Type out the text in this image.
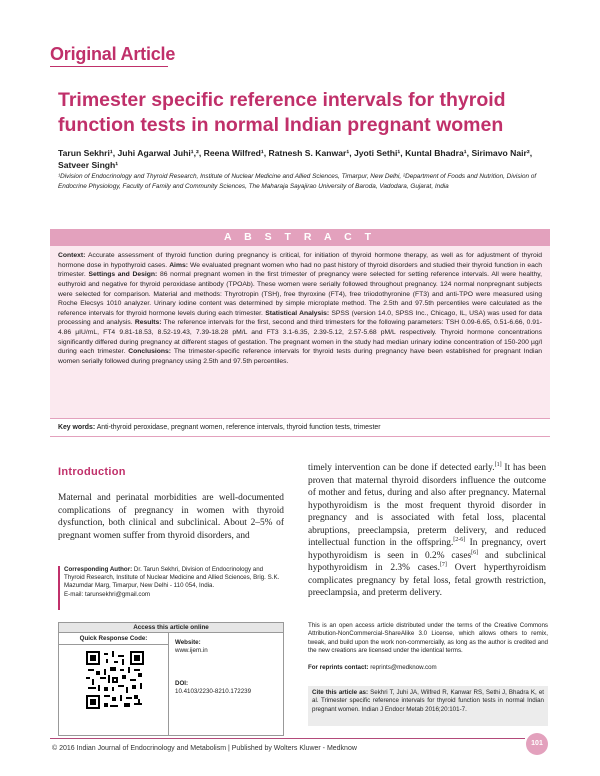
Original Article
Trimester specific reference intervals for thyroid function tests in normal Indian pregnant women
Tarun Sekhri¹, Juhi Agarwal Juhi¹,², Reena Wilfred¹, Ratnesh S. Kanwar¹, Jyoti Sethi¹, Kuntal Bhadra¹, Sirimavo Nair², Satveer Singh¹
¹Division of Endocrinology and Thyroid Research, Institute of Nuclear Medicine and Allied Sciences, Timarpur, New Delhi, ²Department of Foods and Nutrition, Division of Endocrine Physiology, Faculty of Family and Community Sciences, The Maharaja Sayajirao University of Baroda, Vadodara, Gujarat, India
A B S T R A C T
Context: Accurate assessment of thyroid function during pregnancy is critical, for initiation of thyroid hormone therapy, as well as for adjustment of thyroid hormone dose in hypothyroid cases. Aims: We evaluated pregnant women who had no past history of thyroid disorders and studied their thyroid function in each trimester. Settings and Design: 86 normal pregnant women in the first trimester of pregnancy were selected for setting reference intervals. All were healthy, euthyroid and negative for thyroid peroxidase antibody (TPOAb). These women were serially followed throughout pregnancy. 124 normal nonpregnant subjects were selected for comparison. Material and methods: Thyrotropin (TSH), free thyroxine (FT4), free triiodothyronine (FT3) and anti-TPO were measured using Roche Elecsys 1010 analyzer. Urinary iodine content was determined by simple microplate method. The 2.5th and 97.5th percentiles were calculated as the reference intervals for thyroid hormone levels during each trimester. Statistical Analysis: SPSS (version 14.0, SPSS Inc., Chicago, IL, USA) was used for data processing and analysis. Results: The reference intervals for the first, second and third trimesters for the following parameters: TSH 0.09-6.65, 0.51-6.66, 0.91-4.86 µIU/mL, FT4 9.81-18.53, 8.52-19.43, 7.39-18.28 pM/L and FT3 3.1-6.35, 2.39-5.12, 2.57-5.68 pM/L respectively. Thyroid hormone concentrations significantly differed during pregnancy at different stages of gestation. The pregnant women in the study had median urinary iodine concentration of 150-200 µg/l during each trimester. Conclusions: The trimester-specific reference intervals for thyroid tests during pregnancy have been established for pregnant Indian women serially followed during pregnancy using 2.5th and 97.5th percentiles.
Key words: Anti-thyroid peroxidase, pregnant women, reference intervals, thyroid function tests, trimester
Introduction

Maternal and perinatal morbidities are well-documented complications of pregnancy in women with thyroid dysfunction, both clinical and subclinical. About 2–5% of pregnant women suffer from thyroid disorders, and

timely intervention can be done if detected early.[1] It has been proven that maternal thyroid disorders influence the outcome of mother and fetus, during and also after pregnancy. Maternal hypothyroidism is the most frequent thyroid disorder in pregnancy and is associated with fetal loss, placental abruptions, preeclampsia, preterm delivery, and reduced intellectual function in the offspring.[2-6] In pregnancy, overt hypothyroidism is seen in 0.2% cases[6] and subclinical hypothyroidism in 2.3% cases.[7] Overt hyperthyroidism complicates pregnancy by fetal loss, fetal growth restriction, preeclampsia, and preterm delivery.

Corresponding Author: Dr. Tarun Sekhri, Division of Endocrinology and Thyroid Research, Institute of Nuclear Medicine and Allied Sciences, Brig. S.K. Mazumdar Marg, Timarpur, New Delhi - 110 054, India.
E-mail: tarunsekhri@gmail.com
Access this article online
Quick Response Code:
Website:
www.ijem.in

DOI:
10.4103/2230-8210.172239
This is an open access article distributed under the terms of the Creative Commons Attribution-NonCommercial-ShareAlike 3.0 License, which allows others to remix, tweak, and build upon the work non-commercially, as long as the author is credited and the new creations are licensed under the identical terms.
For reprints contact: reprints@medknow.com
Cite this article as: Sekhri T, Juhi JA, Wilfred R, Kanwar RS, Sethi J, Bhadra K, et al. Trimester specific reference intervals for thyroid function tests in normal Indian pregnant women. Indian J Endocr Metab 2016;20:101-7.
© 2016 Indian Journal of Endocrinology and Metabolism | Published by Wolters Kluwer - Medknow
101
